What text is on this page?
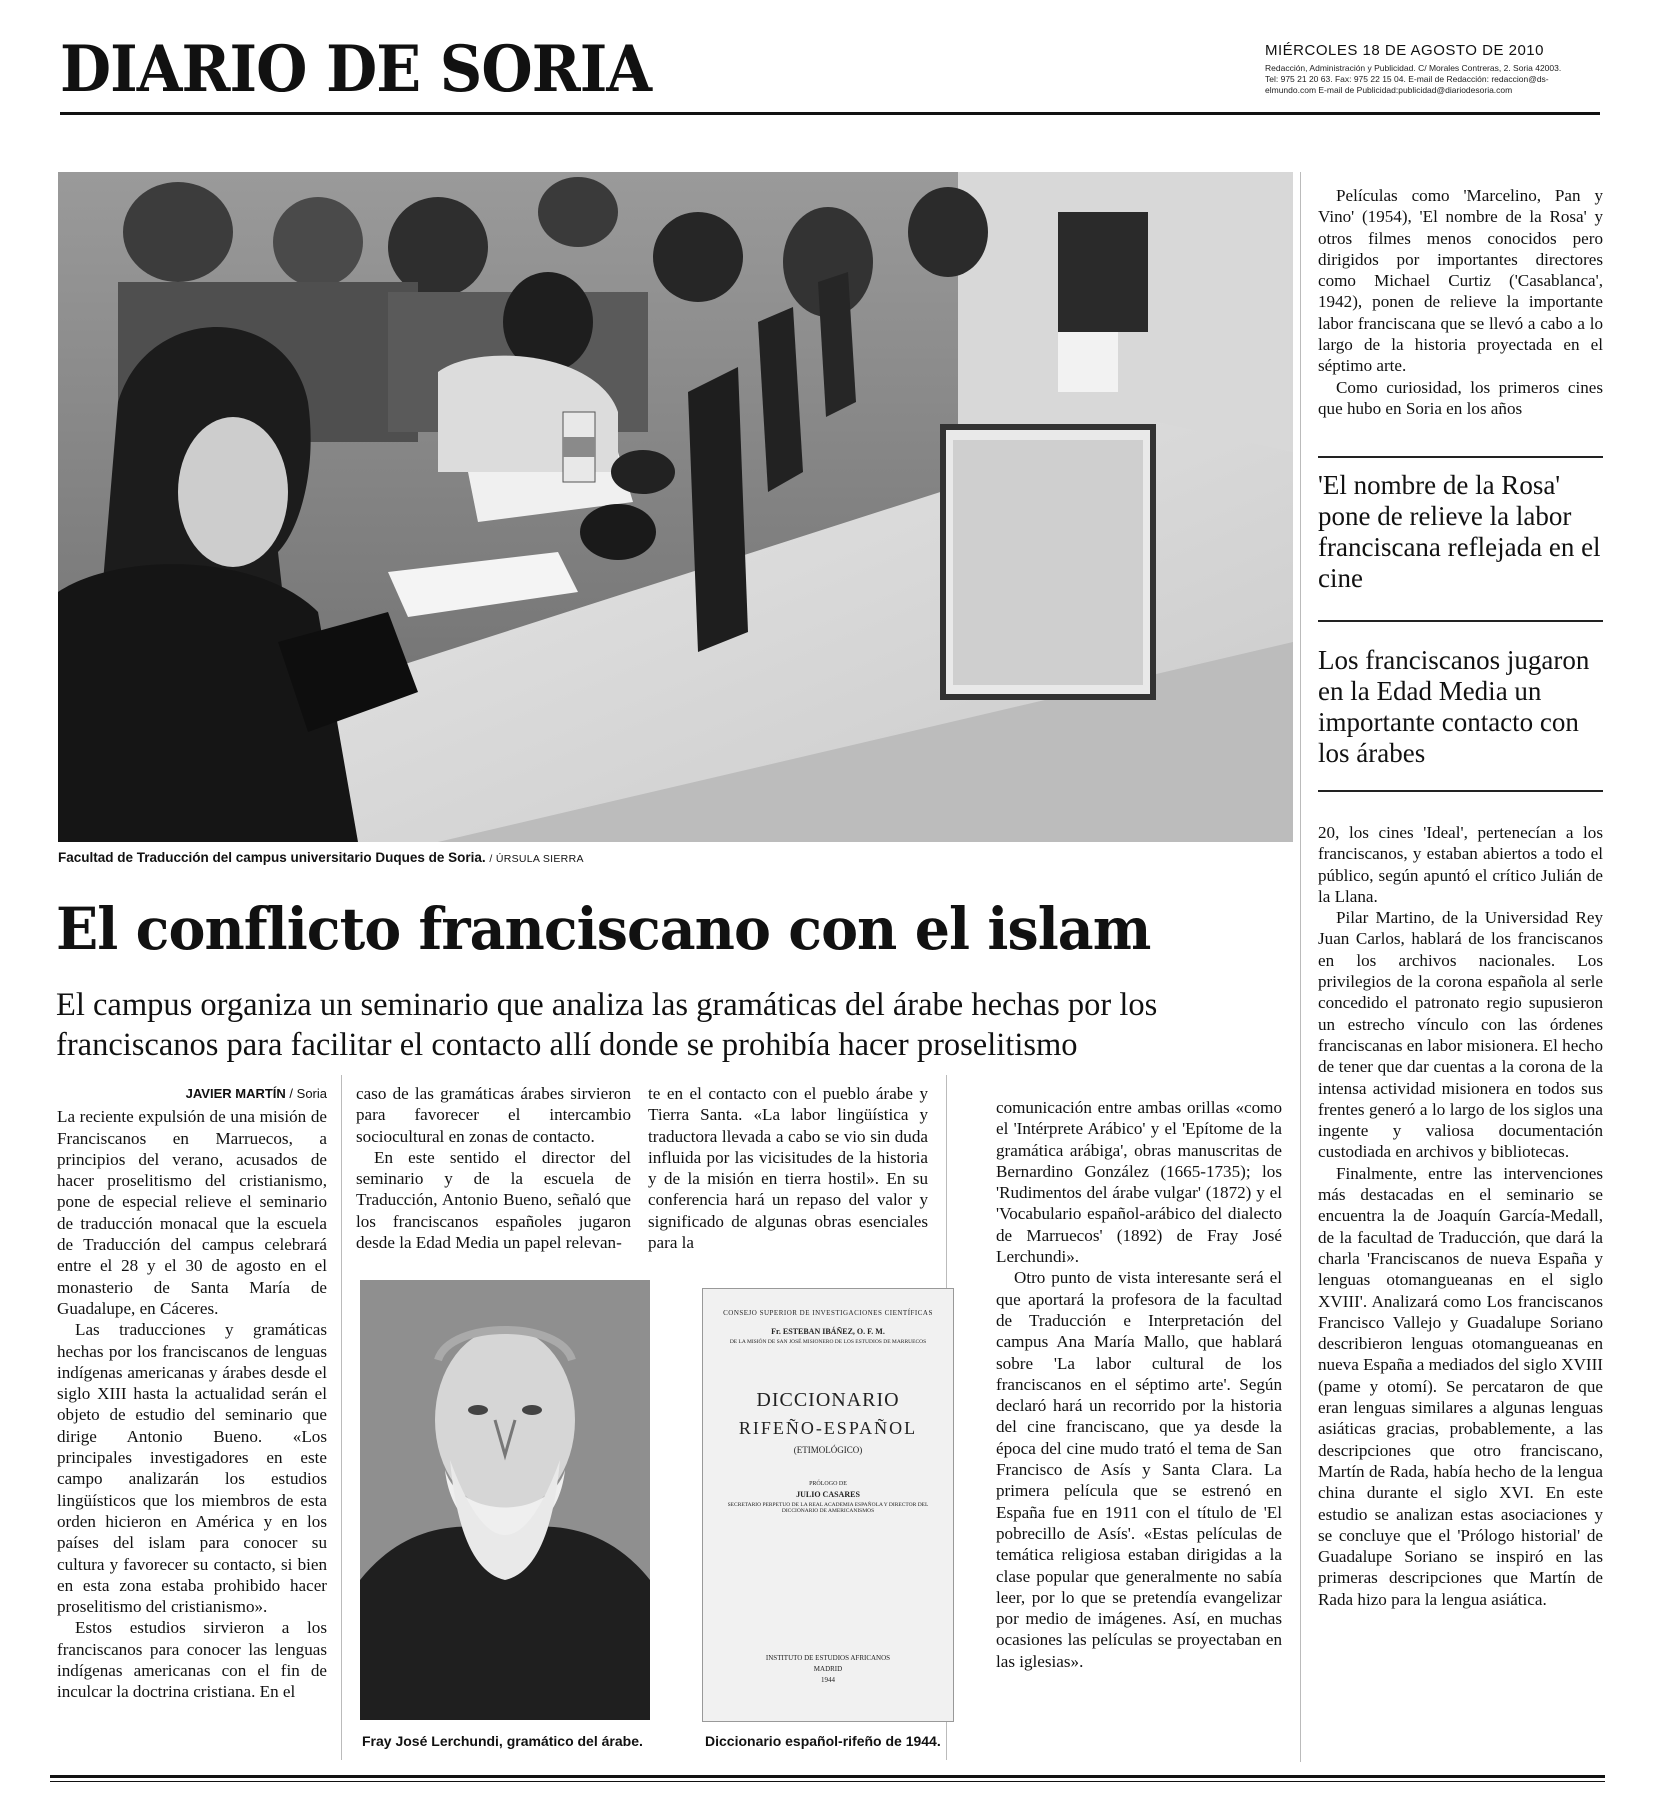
DIARIO DE SORIA	MIÉRCOLES 18 DE AGOSTO DE 2010
Redacción, Administración y Publicidad. C/ Morales Contreras, 2. Soria 42003.
Tel: 975 21 20 63. Fax: 975 22 15 04. E-mail de Redacción: redaccion@ds-
elmundo.com E-mail de Publicidad:publicidad@diariodesoria.com
Facultad de Traducción del campus universitario Duques de Soria. / ÚRSULA SIERRA
El conflicto franciscano con el islam
El campus organiza un seminario que analiza las gramáticas del árabe hechas por los franciscanos para facilitar el contacto allí donde se prohibía hacer proselitismo
JAVIER MARTÍN / Soria

La reciente expulsión de una misión de Franciscanos en Marruecos, a principios del verano, acusados de hacer proselitismo del cristianismo, pone de especial relieve el seminario de traducción monacal que la escuela de Traducción del campus celebrará entre el 28 y el 30 de agosto en el monasterio de Santa María de Guadalupe, en Cáceres.

Las traducciones y gramáticas hechas por los franciscanos de lenguas indígenas americanas y árabes desde el siglo XIII hasta la actualidad serán el objeto de estudio del seminario que dirige Antonio Bueno. «Los principales investigadores en este campo analizarán los estudios lingüísticos que los miembros de esta orden hicieron en América y en los países del islam para conocer su cultura y favorecer su contacto, si bien en esta zona estaba prohibido hacer proselitismo del cristianismo».

Estos estudios sirvieron a los franciscanos para conocer las lenguas indígenas americanas con el fin de inculcar la doctrina cristiana. En el

caso de las gramáticas árabes sirvieron para favorecer el intercambio sociocultural en zonas de contacto.

En este sentido el director del seminario y de la escuela de Traducción, Antonio Bueno, señaló que los franciscanos españoles jugaron desde la Edad Media un papel relevan-

te en el contacto con el pueblo árabe y Tierra Santa. «La labor lingüística y traductora llevada a cabo se vio sin duda influida por las vicisitudes de la historia y de la misión en tierra hostil». En su conferencia hará un repaso del valor y significado de algunas obras esenciales para la

Fray José Lerchundi, gramático del árabe.
CONSEJO SUPERIOR DE INVESTIGACIONES CIENTÍFICAS
Fr. ESTEBAN IBÁÑEZ, O. F. M.
DE LA MISIÓN DE SAN JOSÉ MISIONERO DE LOS ESTUDIOS DE MARRUECOS
DICCIONARIO
RIFEÑO-ESPAÑOL
(ETIMOLÓGICO)
PRÓLOGO DE
JULIO CASARES
SECRETARIO PERPETUO DE LA REAL ACADEMIA ESPAÑOLA Y DIRECTOR DEL DICCIONARIO DE AMERICANISMOS
INSTITUTO DE ESTUDIOS AFRICANOS
MADRID
1944
Diccionario español-rifeño de 1944.

comunicación entre ambas orillas «como el 'Intérprete Arábico' y el 'Epítome de la gramática arábiga', obras manuscritas de Bernardino González (1665-1735); los 'Rudimentos del árabe vulgar' (1872) y el 'Vocabulario español-arábico del dialecto de Marruecos' (1892) de Fray José Lerchundi».

Otro punto de vista interesante será el que aportará la profesora de la facultad de Traducción e Interpretación del campus Ana María Mallo, que hablará sobre 'La labor cultural de los franciscanos en el séptimo arte'. Según declaró hará un recorrido por la historia del cine franciscano, que ya desde la época del cine mudo trató el tema de San Francisco de Asís y Santa Clara. La primera película que se estrenó en España fue en 1911 con el título de 'El pobrecillo de Asís'. «Estas películas de temática religiosa estaban dirigidas a la clase popular que generalmente no sabía leer, por lo que se pretendía evangelizar por medio de imágenes. Así, en muchas ocasiones las películas se proyectaban en las iglesias».

Películas como 'Marcelino, Pan y Vino' (1954), 'El nombre de la Rosa' y otros filmes menos conocidos pero dirigidos por importantes directores como Michael Curtiz ('Casablanca', 1942), ponen de relieve la importante labor franciscana que se llevó a cabo a lo largo de la historia proyectada en el séptimo arte.

Como curiosidad, los primeros cines que hubo en Soria en los años

'El nombre de la Rosa' pone de relieve la labor franciscana reflejada en el cine
Los franciscanos jugaron en la Edad Media un importante contacto con los árabes

20, los cines 'Ideal', pertenecían a los franciscanos, y estaban abiertos a todo el público, según apuntó el crítico Julián de la Llana.

Pilar Martino, de la Universidad Rey Juan Carlos, hablará de los franciscanos en los archivos nacionales. Los privilegios de la corona española al serle concedido el patronato regio supusieron un estrecho vínculo con las órdenes franciscanas en labor misionera. El hecho de tener que dar cuentas a la corona de la intensa actividad misionera en todos sus frentes generó a lo largo de los siglos una ingente y valiosa documentación custodiada en archivos y bibliotecas.

Finalmente, entre las intervenciones más destacadas en el seminario se encuentra la de Joaquín García-Medall, de la facultad de Traducción, que dará la charla 'Franciscanos de nueva España y lenguas otomangueanas en el siglo XVIII'. Analizará como Los franciscanos Francisco Vallejo y Guadalupe Soriano describieron lenguas otomangueanas en nueva España a mediados del siglo XVIII (pame y otomí). Se percataron de que eran lenguas similares a algunas lenguas asiáticas gracias, probablemente, a las descripciones que otro franciscano, Martín de Rada, había hecho de la lengua china durante el siglo XVI. En este estudio se analizan estas asociaciones y se concluye que el 'Prólogo historial' de Guadalupe Soriano se inspiró en las primeras descripciones que Martín de Rada hizo para la lengua asiática.
